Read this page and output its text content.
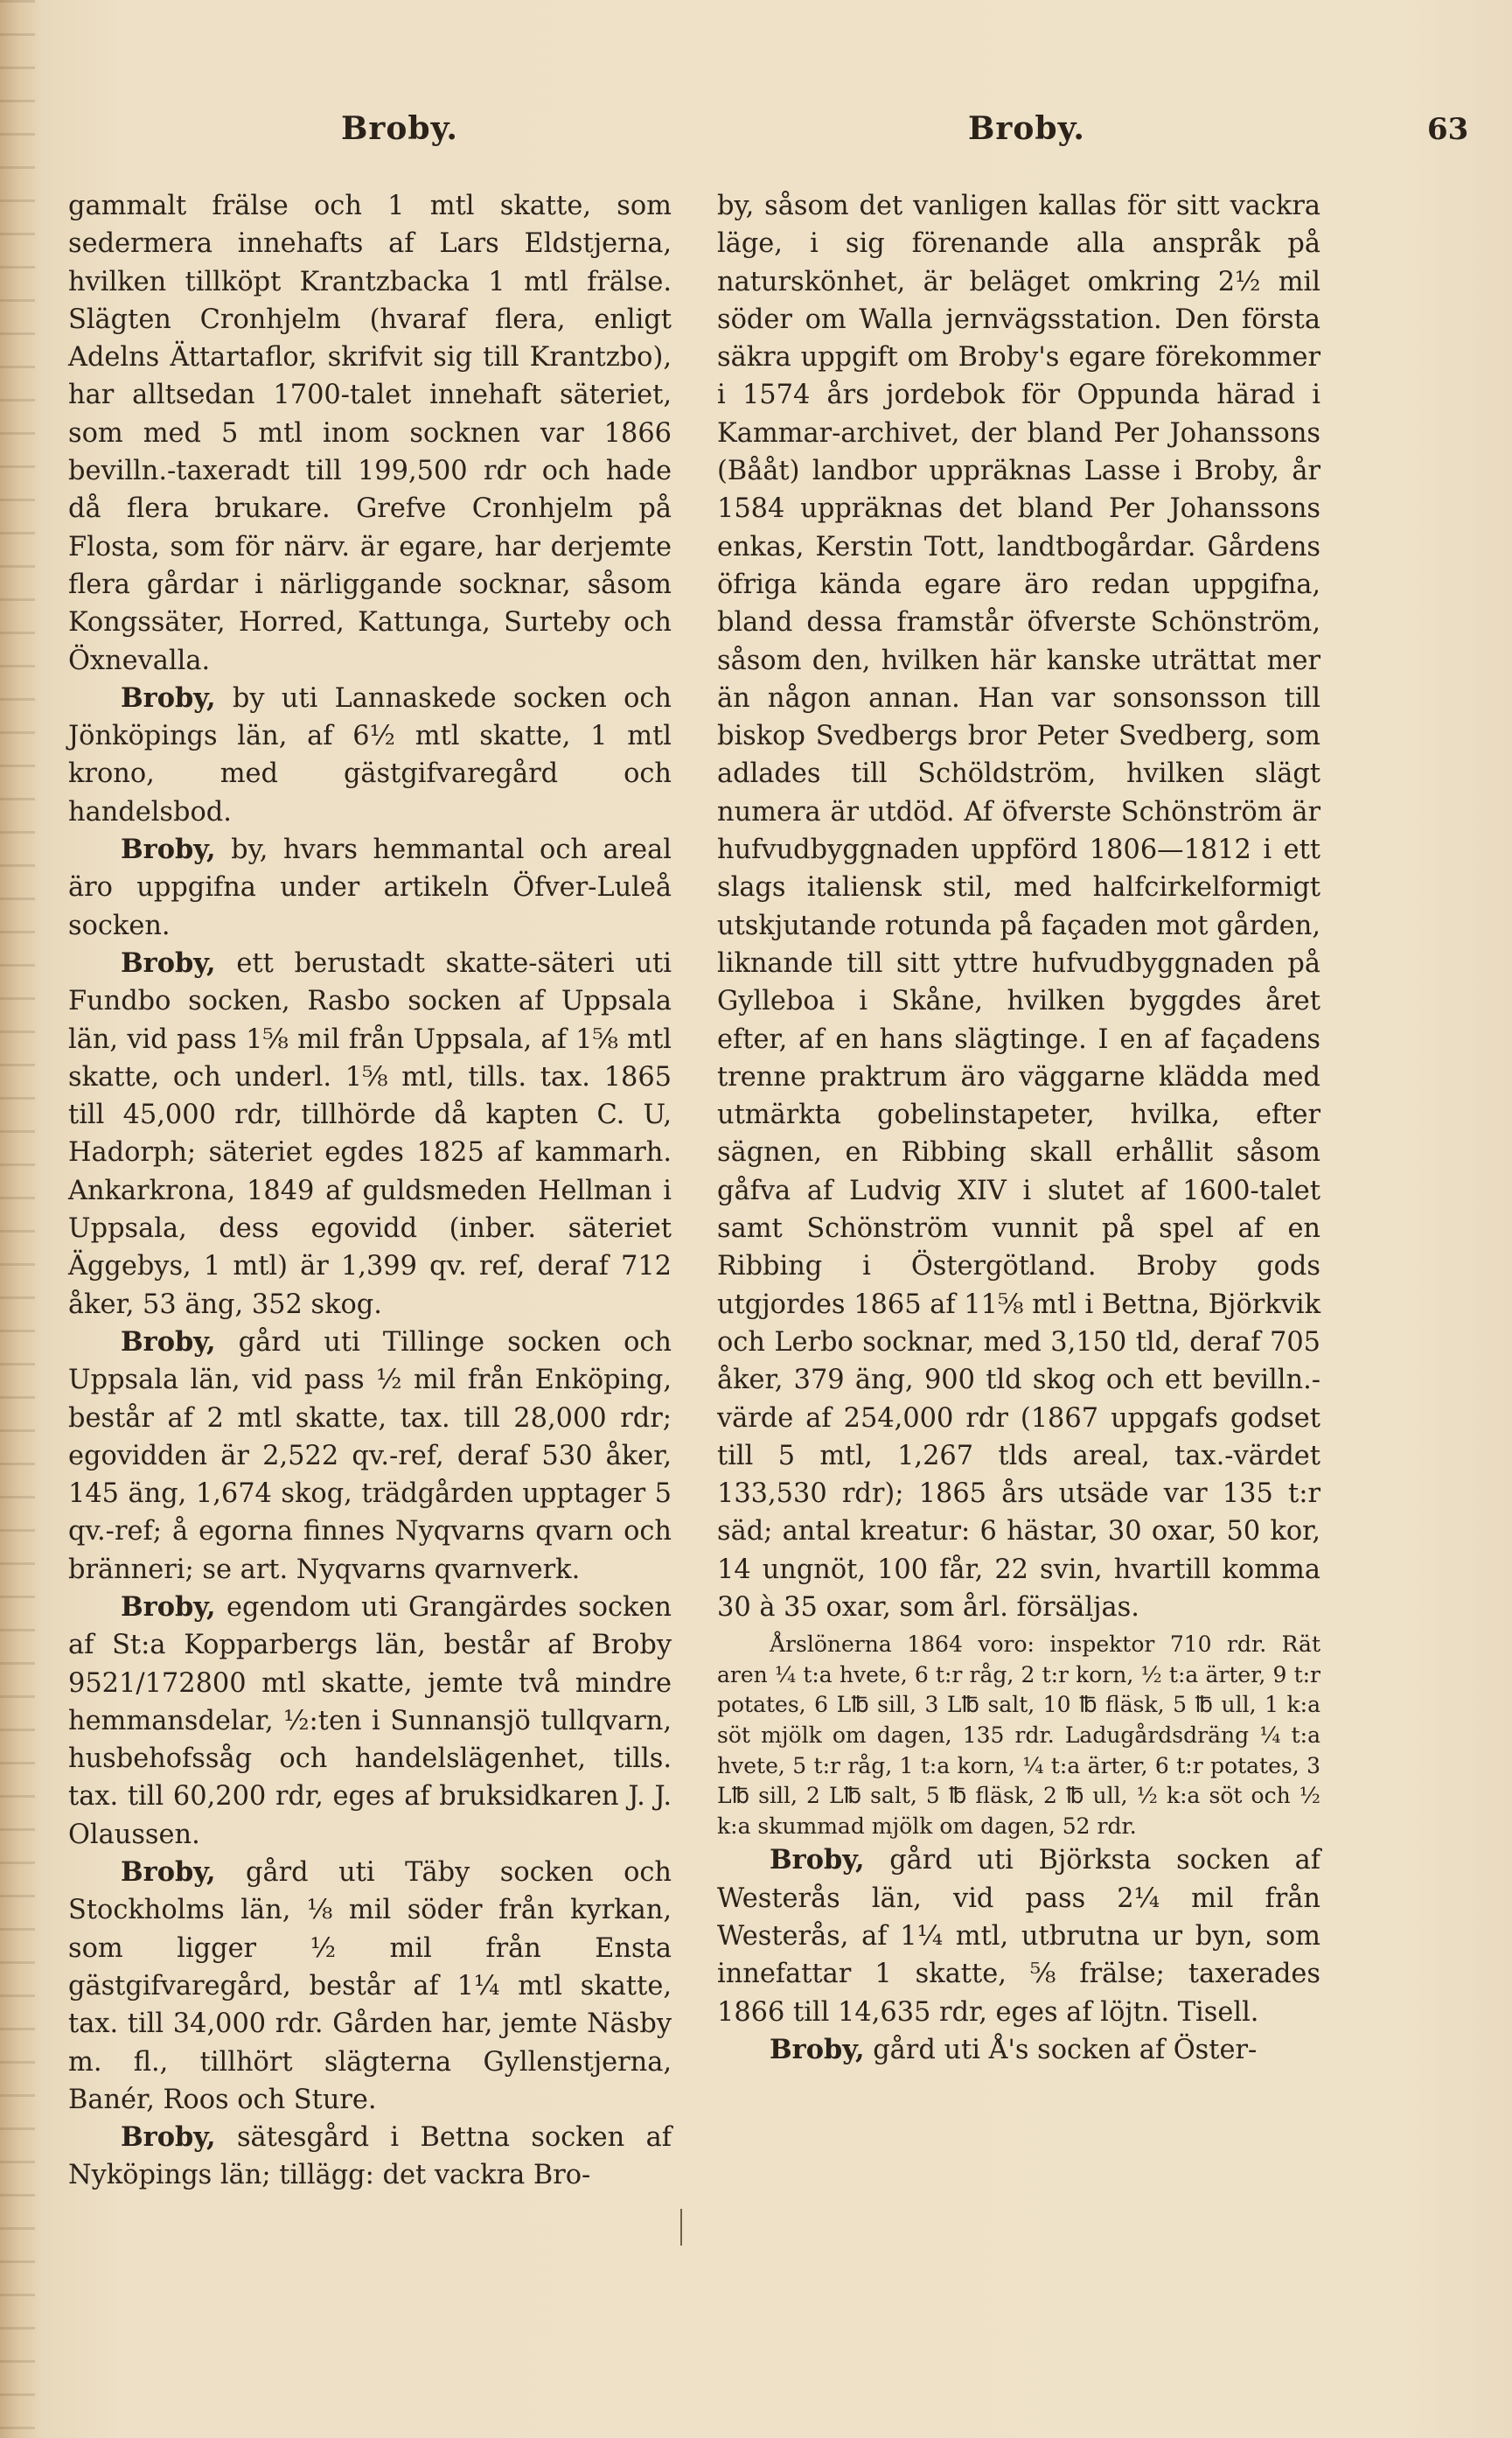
Broby.	Broby.	63

gammalt frälse och 1 mtl skatte, som sedermera innehafts af Lars Eldstjerna, hvilken tillköpt Krantzbacka 1 mtl frälse. Slägten Cronhjelm (hvaraf flera, enligt Adelns Ättartaflor, skrifvit sig till Krantzbo), har alltsedan 1700-talet innehaft säteriet, som med 5 mtl inom socknen var 1866 bevilln.-taxeradt till 199,500 rdr och hade då flera brukare. Grefve Cronhjelm på Flosta, som för närv. är egare, har derjemte flera gårdar i närliggande socknar, såsom Kongssäter, Horred, Kattunga, Surteby och Öxnevalla.

Broby, by uti Lannaskede socken och Jönköpings län, af 6½ mtl skatte, 1 mtl krono, med gästgifvaregård och handelsbod.

Broby, by, hvars hemmantal och areal äro uppgifna under artikeln Öfver-Luleå socken.

Broby, ett berustadt skatte-säteri uti Fundbo socken, Rasbo socken af Uppsala län, vid pass 1⅝ mil från Uppsala, af 1⅝ mtl skatte, och underl. 1⅝ mtl, tills. tax. 1865 till 45,000 rdr, tillhörde då kapten C. U, Hadorph; säteriet egdes 1825 af kammarh. Ankarkrona, 1849 af guldsmeden Hellman i Uppsala, dess egovidd (inber. säteriet Äggebys, 1 mtl) är 1,399 qv. ref, deraf 712 åker, 53 äng, 352 skog.

Broby, gård uti Tillinge socken och Uppsala län, vid pass ½ mil från Enköping, består af 2 mtl skatte, tax. till 28,000 rdr; egovidden är 2,522 qv.-ref, deraf 530 åker, 145 äng, 1,674 skog, trädgården upptager 5 qv.-ref; å egorna finnes Nyqvarns qvarn och bränneri; se art. Nyqvarns qvarnverk.

Broby, egendom uti Grangärdes socken af St:a Kopparbergs län, består af Broby 9521/172800 mtl skatte, jemte två mindre hemmansdelar, ½:ten i Sunnansjö tullqvarn, husbehofssåg och handelslägenhet, tills. tax. till 60,200 rdr, eges af bruksidkaren J. J. Olaussen.

Broby, gård uti Täby socken och Stockholms län, ⅛ mil söder från kyrkan, som ligger ½ mil från Ensta gästgifvaregård, består af 1¼ mtl skatte, tax. till 34,000 rdr. Gården har, jemte Näsby m. fl., tillhört slägterna Gyllenstjerna, Banér, Roos och Sture.

Broby, sätesgård i Bettna socken af Nyköpings län; tillägg: det vackra Bro-

by, såsom det vanligen kallas för sitt vackra läge, i sig förenande alla anspråk på naturskönhet, är beläget omkring 2½ mil söder om Walla jernvägsstation. Den första säkra uppgift om Broby's egare förekommer i 1574 års jordebok för Oppunda härad i Kammar-archivet, der bland Per Johanssons (Bååt) landbor uppräknas Lasse i Broby, år 1584 uppräknas det bland Per Johanssons enkas, Kerstin Tott, landtbogårdar. Gårdens öfriga kända egare äro redan uppgifna, bland dessa framstår öfverste Schönström, såsom den, hvilken här kanske uträttat mer än någon annan. Han var sonsonsson till biskop Svedbergs bror Peter Svedberg, som adlades till Schöldström, hvilken slägt numera är utdöd. Af öfverste Schönström är hufvudbyggnaden uppförd 1806—1812 i ett slags italiensk stil, med halfcirkelformigt utskjutande rotunda på façaden mot gården, liknande till sitt yttre hufvudbyggnaden på Gylleboa i Skåne, hvilken byggdes året efter, af en hans slägtinge. I en af façadens trenne praktrum äro väggarne klädda med utmärkta gobelinstapeter, hvilka, efter sägnen, en Ribbing skall erhållit såsom gåfva af Ludvig XIV i slutet af 1600-talet samt Schönström vunnit på spel af en Ribbing i Östergötland. Broby gods utgjordes 1865 af 11⅝ mtl i Bettna, Björkvik och Lerbo socknar, med 3,150 tld, deraf 705 åker, 379 äng, 900 tld skog och ett bevilln.-värde af 254,000 rdr (1867 uppgafs godset till 5 mtl, 1,267 tlds areal, tax.-värdet 133,530 rdr); 1865 års utsäde var 135 t:r säd; antal kreatur: 6 hästar, 30 oxar, 50 kor, 14 ungnöt, 100 får, 22 svin, hvartill komma 30 à 35 oxar, som årl. försäljas.

Årslönerna 1864 voro: inspektor 710 rdr. Rät aren ¼ t:a hvete, 6 t:r råg, 2 t:r korn, ½ t:a ärter, 9 t:r potates, 6 L℔ sill, 3 L℔ salt, 10 ℔ fläsk, 5 ℔ ull, 1 k:a söt mjölk om dagen, 135 rdr. Ladugårdsdräng ¼ t:a hvete, 5 t:r råg, 1 t:a korn, ¼ t:a ärter, 6 t:r potates, 3 L℔ sill, 2 L℔ salt, 5 ℔ fläsk, 2 ℔ ull, ½ k:a söt och ½ k:a skummad mjölk om dagen, 52 rdr.

Broby, gård uti Björksta socken af Westerås län, vid pass 2¼ mil från Westerås, af 1¼ mtl, utbrutna ur byn, som innefattar 1 skatte, ⅝ frälse; taxerades 1866 till 14,635 rdr, eges af löjtn. Tisell.

Broby, gård uti Å's socken af Öster-
